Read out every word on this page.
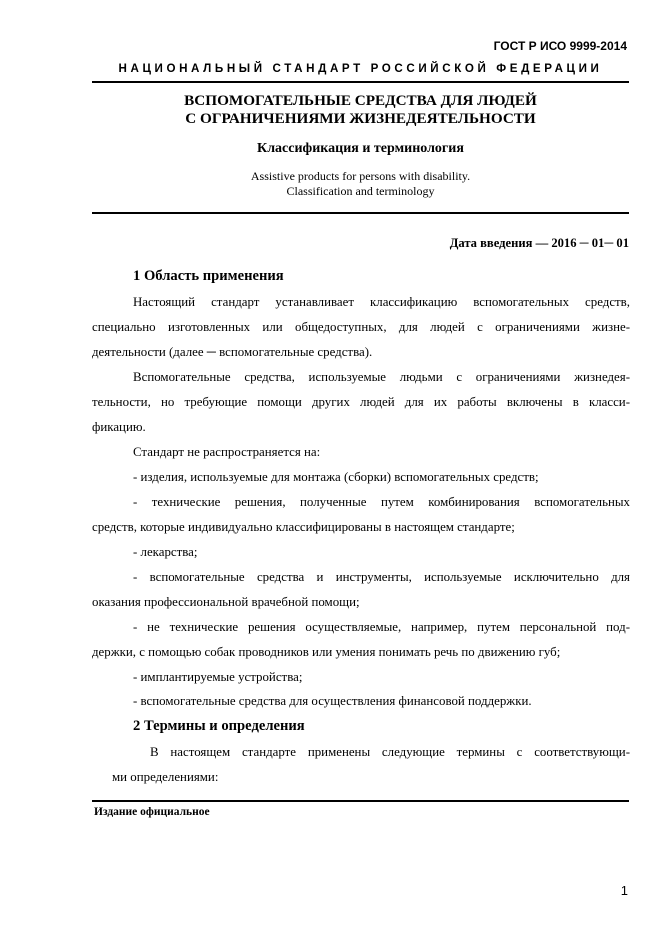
ГОСТ Р ИСО 9999-2014
НАЦИОНАЛЬНЫЙ СТАНДАРТ РОССИЙСКОЙ ФЕДЕРАЦИИ
ВСПОМОГАТЕЛЬНЫЕ СРЕДСТВА ДЛЯ ЛЮДЕЙ
С ОГРАНИЧЕНИЯМИ ЖИЗНЕДЕЯТЕЛЬНОСТИ
Классификация и терминология
Assistive products for persons with disability.
Classification and terminology
Дата введения — 2016 ─ 01─ 01
1 Область применения
Настоящий стандарт устанавливает классификацию вспомогательных средств,
специально изготовленных или общедоступных, для людей с ограничениями жизне-
деятельности (далее ─ вспомогательные средства).
Вспомогательные средства, используемые людьми с ограничениями жизнедея-
тельности, но требующие помощи других людей для их работы включены в класси-
фикацию.
Стандарт не распространяется на:
- изделия, используемые для монтажа (сборки) вспомогательных средств;
- технические решения, полученные путем комбинирования вспомогательных
средств, которые индивидуально классифицированы в настоящем стандарте;
- лекарства;
- вспомогательные средства и инструменты, используемые исключительно для
оказания профессиональной врачебной помощи;
- не технические решения осуществляемые, например, путем персональной под-
держки, с помощью собак проводников или умения понимать речь по движению губ;
- имплантируемые устройства;
- вспомогательные средства для осуществления финансовой поддержки.
2 Термины и определения
В настоящем стандарте применены следующие термины с соответствующи-
ми определениями:
Издание официальное
1
